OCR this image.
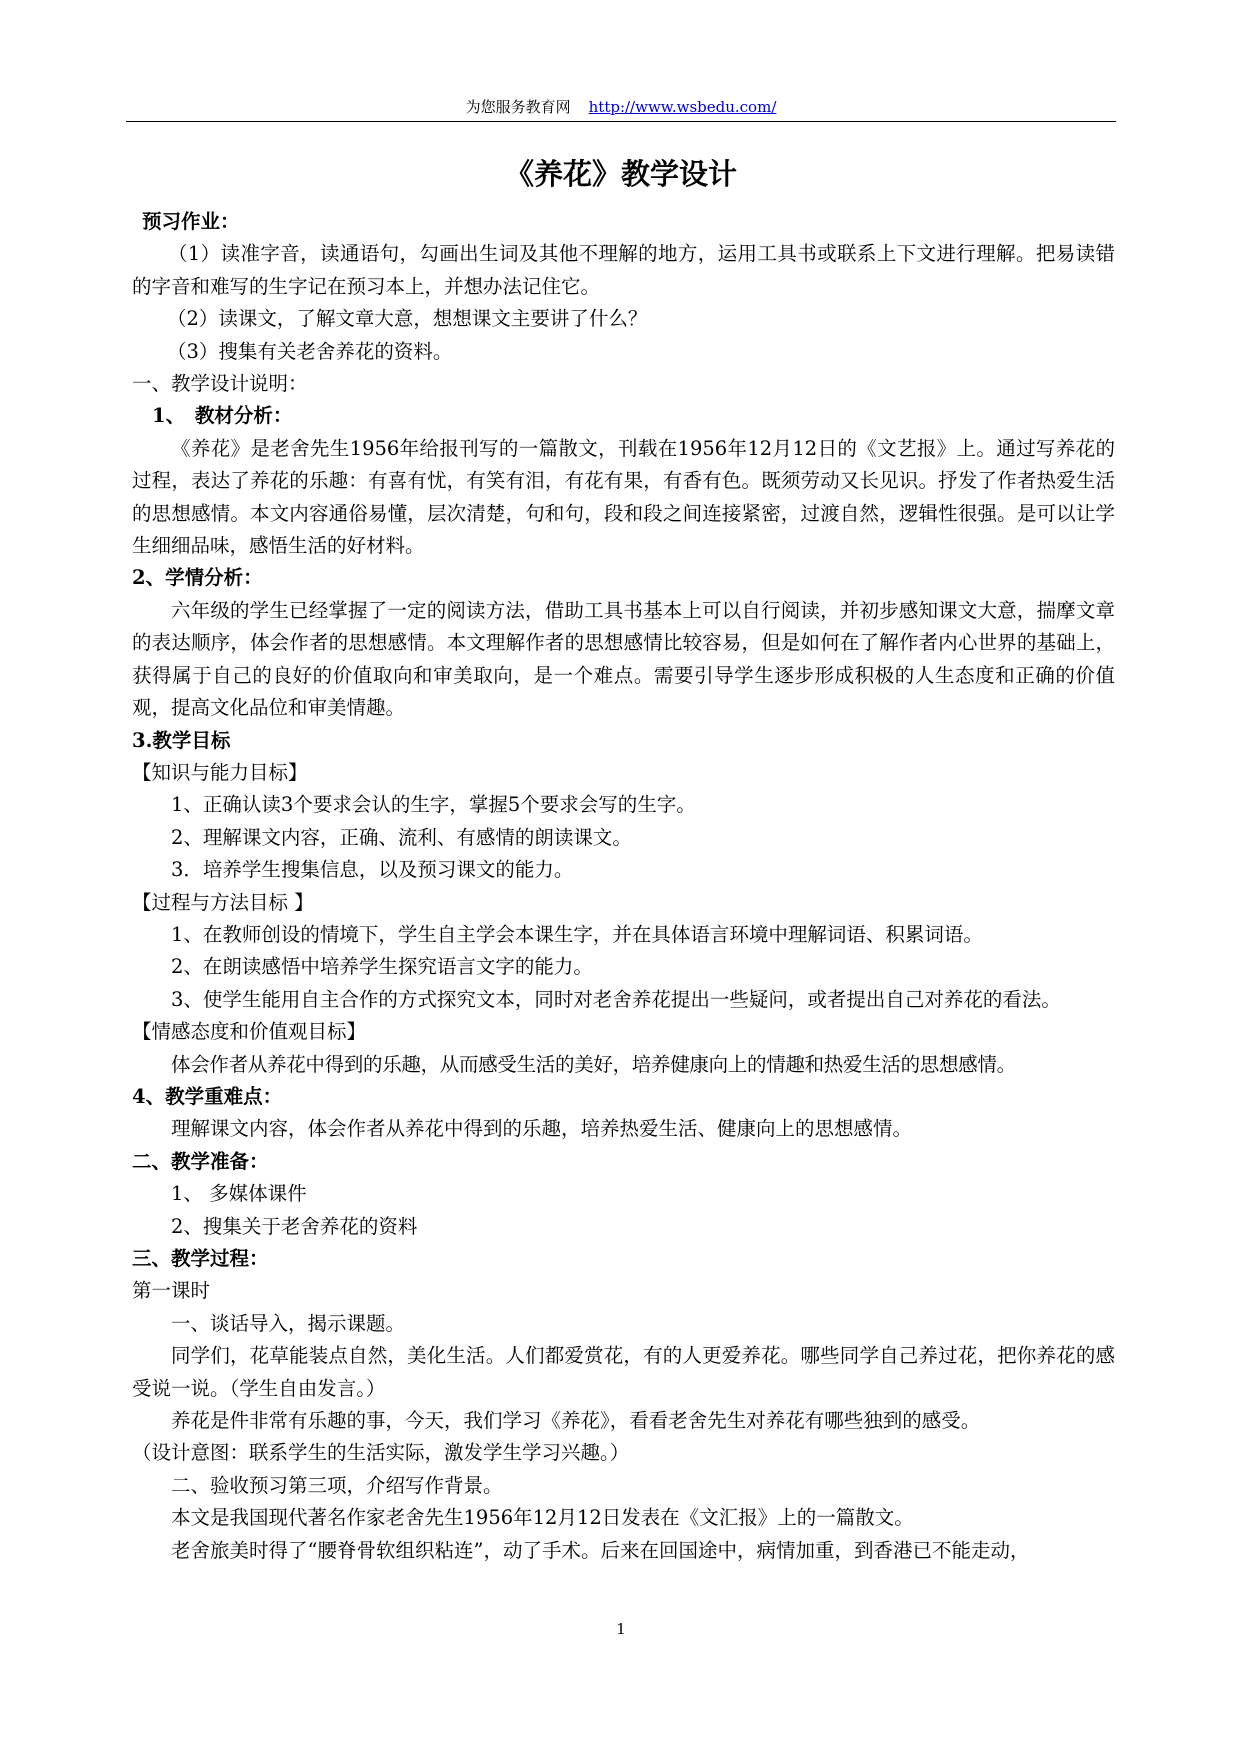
为您服务教育网 http://www.wsbedu.com/
《养花》教学设计

预习作业：

（1）读准字音，读通语句，勾画出生词及其他不理解的地方，运用工具书或联系上下文进行理解。把易读错的字音和难写的生字记在预习本上，并想办法记住它。

（2）读课文，了解文章大意，想想课文主要讲了什么？

（3）搜集有关老舍养花的资料。

一、教学设计说明：

1、　教材分析：

《养花》是老舍先生1956年给报刊写的一篇散文，刊载在1956年12月12日的《文艺报》上。通过写养花的过程，表达了养花的乐趣：有喜有忧，有笑有泪，有花有果，有香有色。既须劳动又长见识。抒发了作者热爱生活的思想感情。本文内容通俗易懂，层次清楚，句和句，段和段之间连接紧密，过渡自然，逻辑性很强。是可以让学生细细品味，感悟生活的好材料。

2、学情分析：

六年级的学生已经掌握了一定的阅读方法，借助工具书基本上可以自行阅读，并初步感知课文大意，揣摩文章的表达顺序，体会作者的思想感情。本文理解作者的思想感情比较容易，但是如何在了解作者内心世界的基础上，获得属于自己的良好的价值取向和审美取向，是一个难点。需要引导学生逐步形成积极的人生态度和正确的价值观，提高文化品位和审美情趣。

3.教学目标

【知识与能力目标】

1、正确认读3个要求会认的生字，掌握5个要求会写的生字。

2、理解课文内容，正确、流利、有感情的朗读课文。

3．培养学生搜集信息，以及预习课文的能力。

【过程与方法目标 】

1、在教师创设的情境下，学生自主学会本课生字，并在具体语言环境中理解词语、积累词语。

2、在朗读感悟中培养学生探究语言文字的能力。

3、使学生能用自主合作的方式探究文本，同时对老舍养花提出一些疑问，或者提出自己对养花的看法。

【情感态度和价值观目标】

体会作者从养花中得到的乐趣，从而感受生活的美好，培养健康向上的情趣和热爱生活的思想感情。

4、教学重难点：

理解课文内容，体会作者从养花中得到的乐趣，培养热爱生活、健康向上的思想感情。

二、教学准备：

1、 多媒体课件

2、搜集关于老舍养花的资料

三、教学过程：

第一课时

一、谈话导入，揭示课题。

同学们，花草能装点自然，美化生活。人们都爱赏花，有的人更爱养花。哪些同学自己养过花，把你养花的感受说一说。（学生自由发言。）

养花是件非常有乐趣的事，今天，我们学习《养花》，看看老舍先生对养花有哪些独到的感受。

（设计意图：联系学生的生活实际，激发学生学习兴趣。）

二、验收预习第三项，介绍写作背景。

本文是我国现代著名作家老舍先生1956年12月12日发表在《文汇报》上的一篇散文。

老舍旅美时得了“腰脊骨软组织粘连”，动了手术。后来在回国途中，病情加重，到香港已不能走动，

1
